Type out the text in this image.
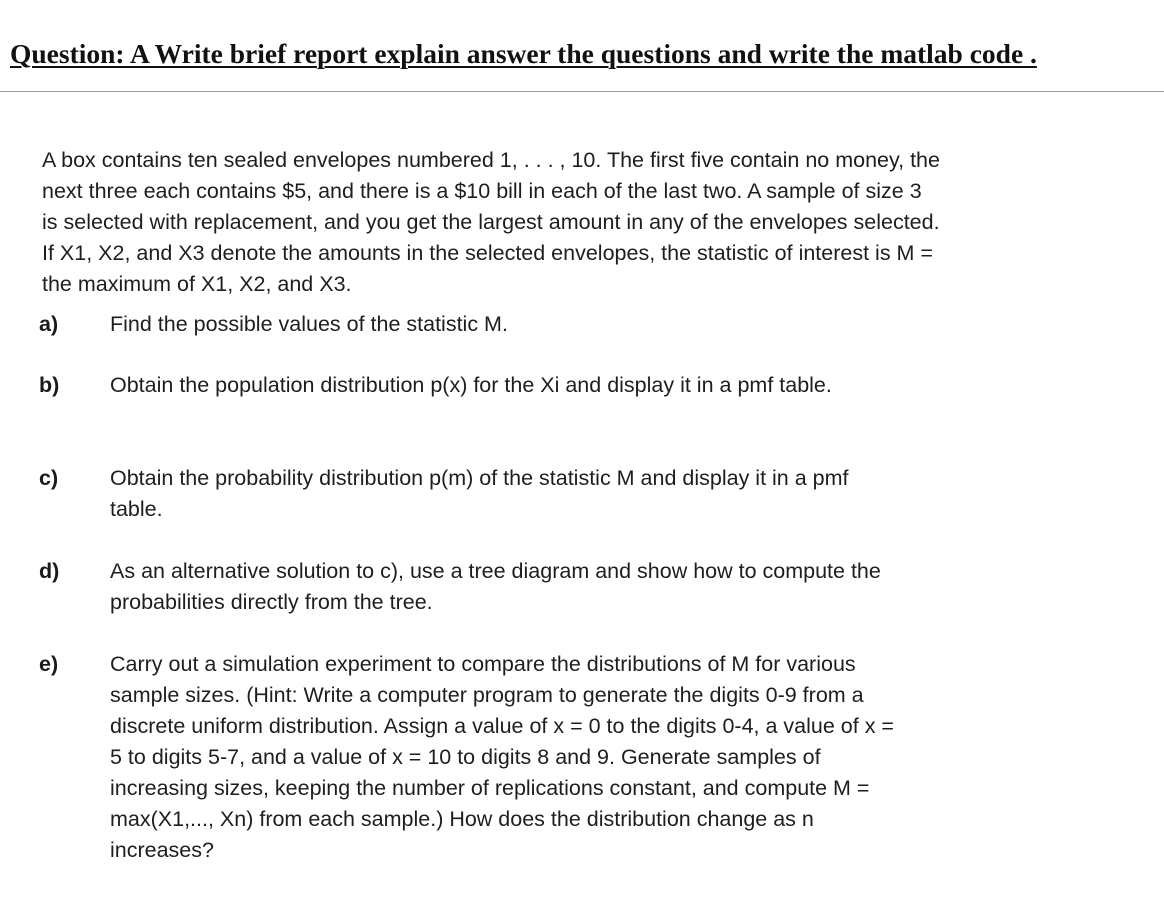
Question: A Write brief report explain answer the questions and write the matlab code .

A box contains ten sealed envelopes numbered 1, . . . , 10. The first five contain no money, the next three each contains $5, and there is a $10 bill in each of the last two. A sample of size 3 is selected with replacement, and you get the largest amount in any of the envelopes selected. If X1, X2, and X3 denote the amounts in the selected envelopes, the statistic of interest is M = the maximum of X1, X2, and X3.

a) Find the possible values of the statistic M.
b) Obtain the population distribution p(x) for the Xi and display it in a pmf table.
c) Obtain the probability distribution p(m) of the statistic M and display it in a pmf table.
d) As an alternative solution to c), use a tree diagram and show how to compute the probabilities directly from the tree.
e) Carry out a simulation experiment to compare the distributions of M for various sample sizes. (Hint: Write a computer program to generate the digits 0-9 from a discrete uniform distribution. Assign a value of x = 0 to the digits 0-4, a value of x = 5 to digits 5-7, and a value of x = 10 to digits 8 and 9. Generate samples of increasing sizes, keeping the number of replications constant, and compute M = max(X1,..., Xn) from each sample.) How does the distribution change as n increases?
